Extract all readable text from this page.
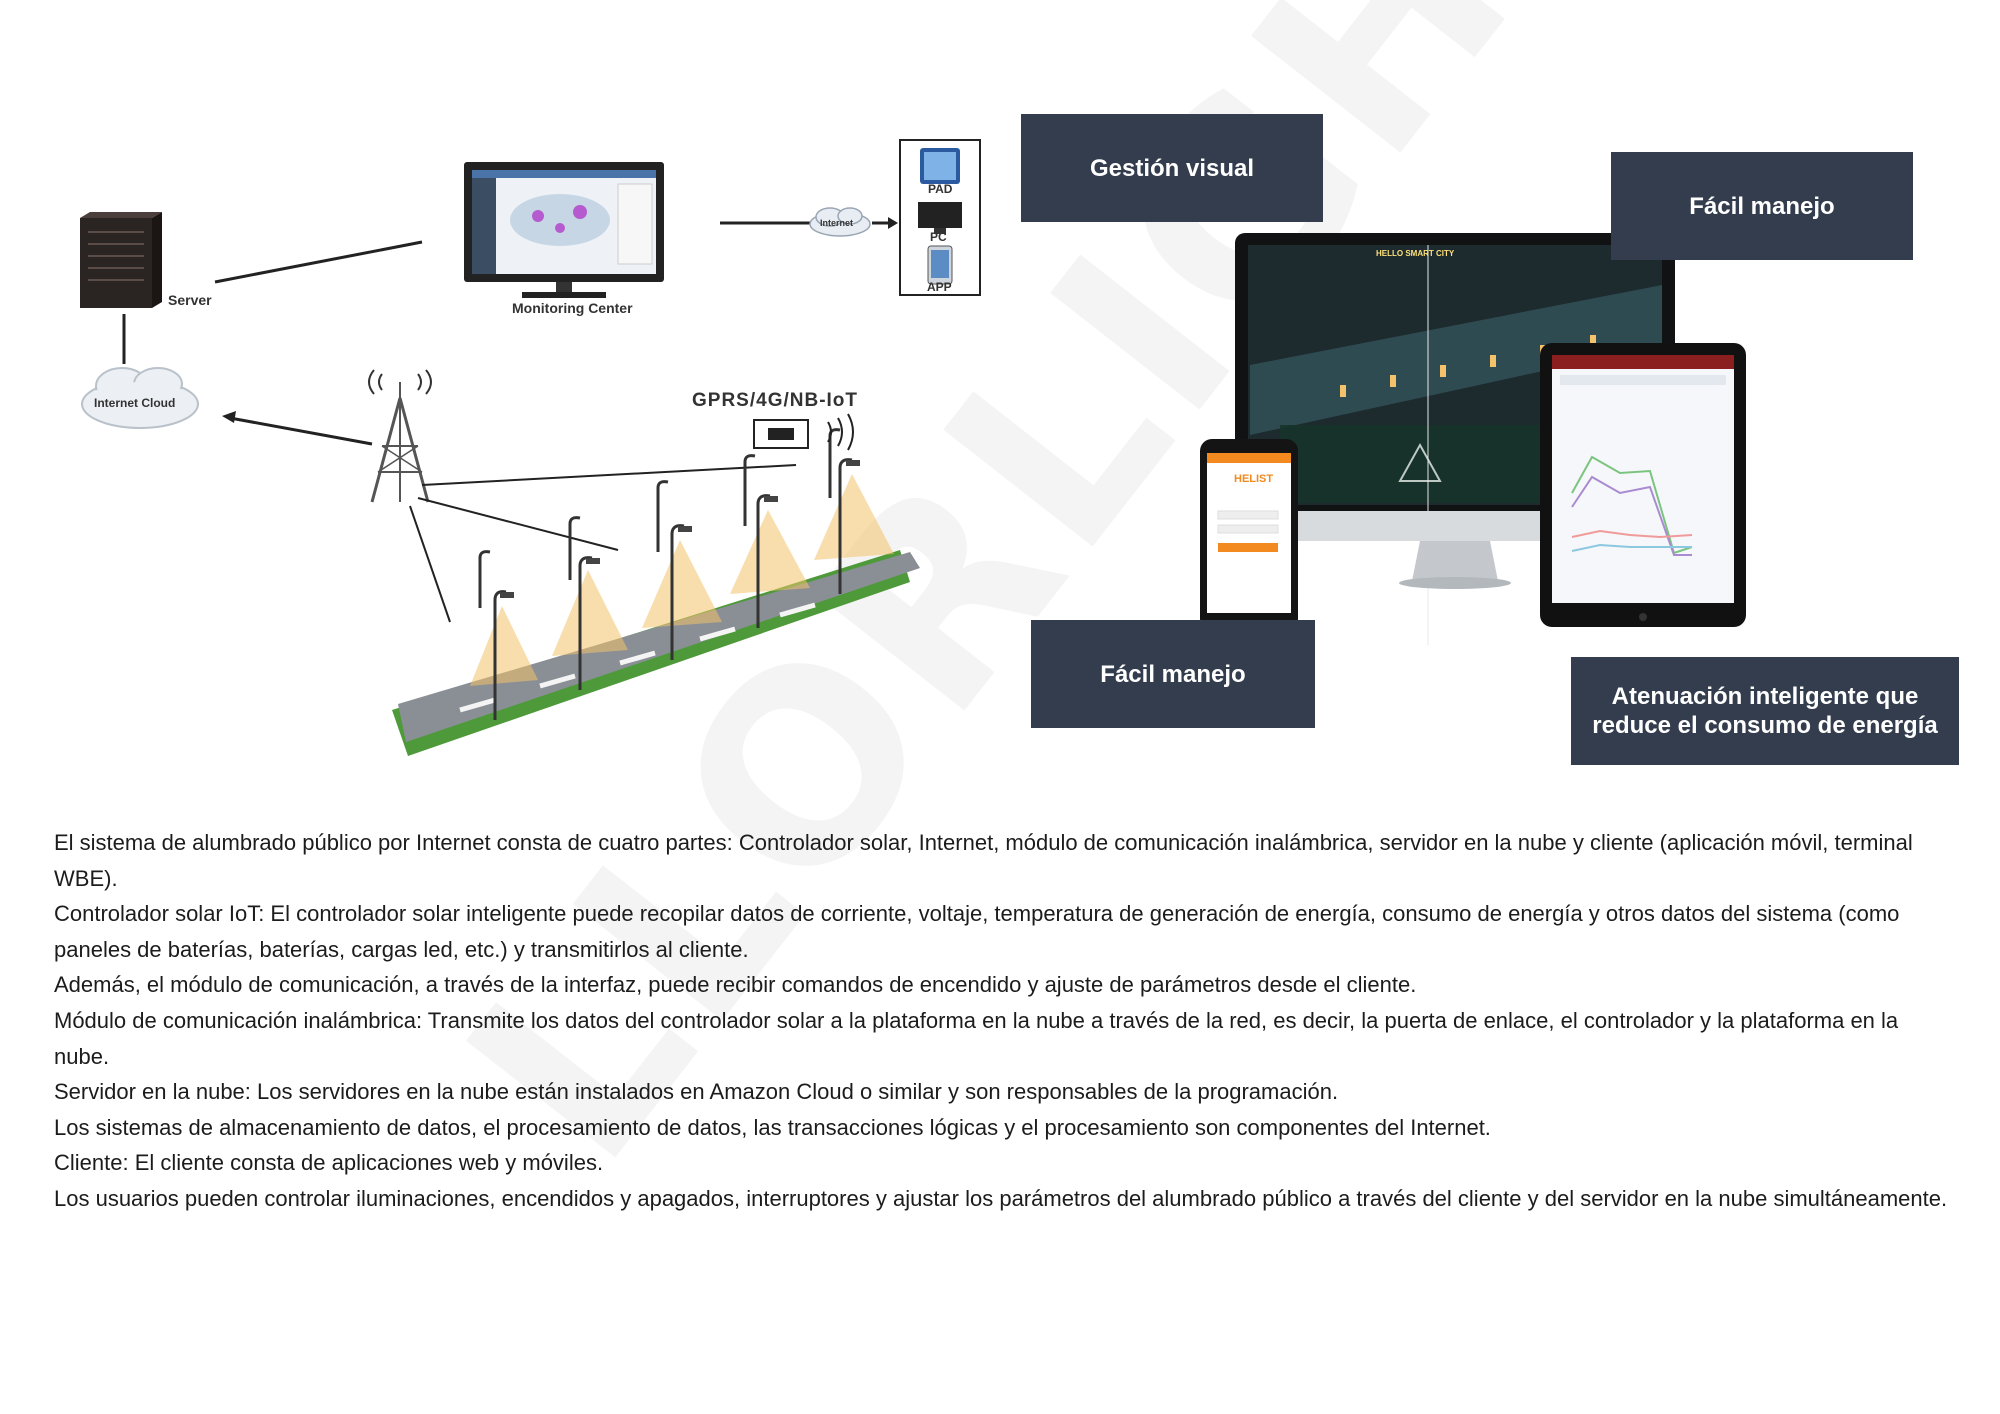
Server	Monitoring Center
Internet
Internet Cloud
PAD
PC
APP
GPRS/4G/NB-IoT
HELLO SMART CITY
HELIST
Gestión visual
Fácil manejo
Fácil manejo
Atenuación inteligente que reduce el consumo de energía

El sistema de alumbrado público por Internet consta de cuatro partes: Controlador solar, Internet, módulo de comunicación inalámbrica, servidor en la nube y cliente (aplicación móvil, terminal WBE).

Controlador solar IoT: El controlador solar inteligente puede recopilar datos de corriente, voltaje, temperatura de generación de energía, consumo de energía y otros datos del sistema (como paneles de baterías, baterías, cargas led, etc.) y transmitirlos al cliente.

Además, el módulo de comunicación, a través de la interfaz, puede recibir comandos de encendido y ajuste de parámetros desde el cliente.

Módulo de comunicación inalámbrica: Transmite los datos del controlador solar a la plataforma en la nube a través de la red, es decir, la puerta de enlace, el controlador y la plataforma en la nube.

Servidor en la nube: Los servidores en la nube están instalados en Amazon Cloud o similar y son responsables de la programación.

Los sistemas de almacenamiento de datos, el procesamiento de datos, las transacciones lógicas y el procesamiento son componentes del Internet.

Cliente: El cliente consta de aplicaciones web y móviles.

Los usuarios pueden controlar iluminaciones, encendidos y apagados, interruptores y ajustar los parámetros del alumbrado público a través del cliente y del servidor en la nube simultáneamente.
